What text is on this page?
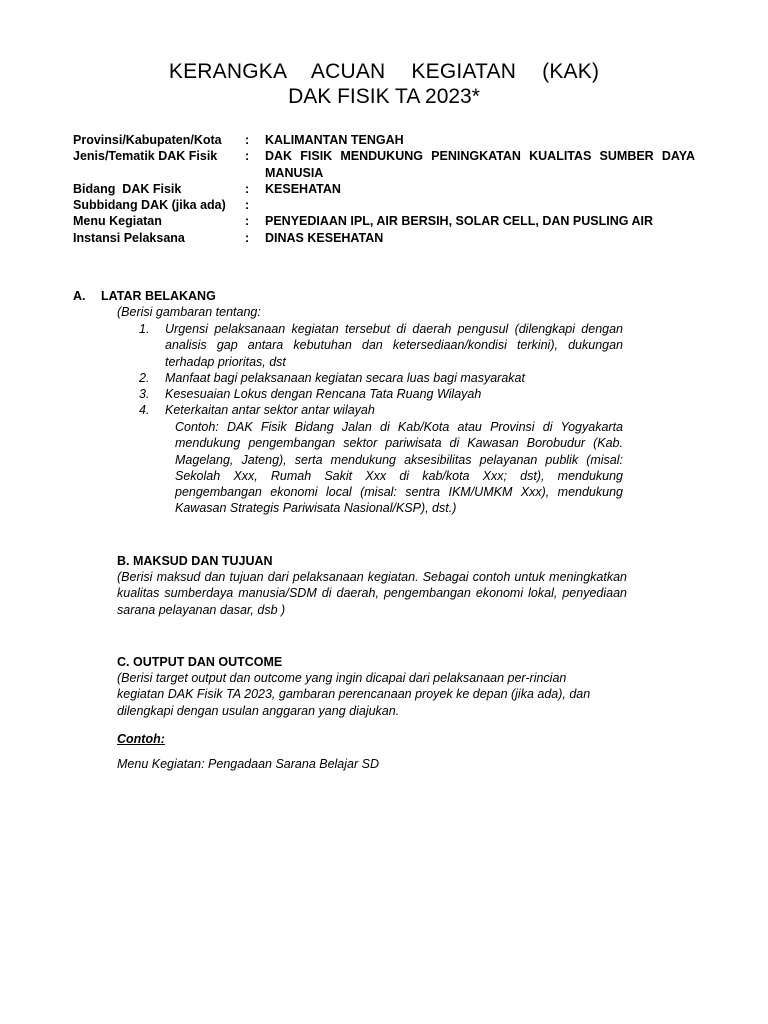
KERANGKA ACUAN KEGIATAN (KAK)
DAK FISIK TA 2023*
Provinsi/Kabupaten/Kota	:	KALIMANTAN TENGAH
Jenis/Tematik DAK Fisik	:	DAK FISIK MENDUKUNG PENINGKATAN KUALITAS SUMBER DAYA
MANUSIA
Bidang  DAK Fisik	:	KESEHATAN
Subbidang DAK (jika ada)	:
Menu Kegiatan	:	PENYEDIAAN IPL, AIR BERSIH, SOLAR CELL, DAN PUSLING AIR
Instansi Pelaksana	:	DINAS KESEHATAN
A. LATAR BELAKANG
(Berisi gambaran tentang:
1.	Urgensi pelaksanaan kegiatan tersebut di daerah pengusul (dilengkapi dengan analisis gap antara kebutuhan dan ketersediaan/kondisi terkini), dukungan terhadap prioritas, dst
2.	Manfaat bagi pelaksanaan kegiatan secara luas bagi masyarakat
3.	Kesesuaian Lokus dengan Rencana Tata Ruang Wilayah
4.	Keterkaitan antar sektor antar wilayah
Contoh: DAK Fisik Bidang Jalan di Kab/Kota atau Provinsi di Yogyakarta mendukung pengembangan sektor pariwisata di Kawasan Borobudur (Kab. Magelang, Jateng), serta mendukung aksesibilitas pelayanan publik (misal: Sekolah Xxx, Rumah Sakit Xxx di kab/kota Xxx; dst), mendukung pengembangan ekonomi local (misal: sentra IKM/UMKM Xxx), mendukung Kawasan Strategis Pariwisata Nasional/KSP), dst.)
B. MAKSUD DAN TUJUAN
(Berisi maksud dan tujuan dari pelaksanaan kegiatan. Sebagai contoh untuk meningkatkan kualitas sumberdaya manusia/SDM di daerah, pengembangan ekonomi lokal, penyediaan sarana pelayanan dasar, dsb )
C. OUTPUT DAN OUTCOME
(Berisi target output dan outcome yang ingin dicapai dari pelaksanaan per-rincian kegiatan DAK Fisik TA 2023, gambaran perencanaan proyek ke depan (jika ada), dan dilengkapi dengan usulan anggaran yang diajukan.
Contoh:
Menu Kegiatan: Pengadaan Sarana Belajar SD
